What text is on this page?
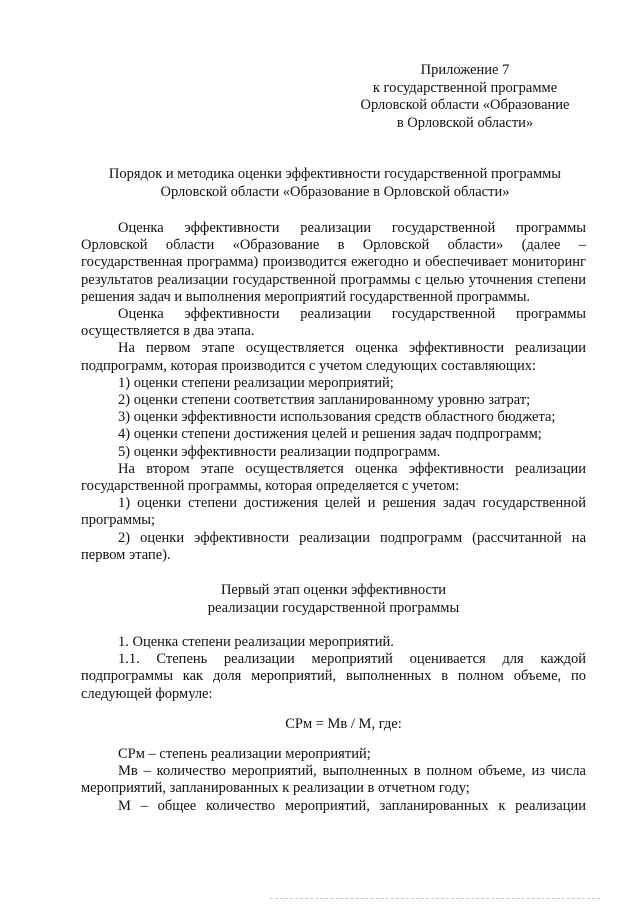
Приложение 7
к государственной программе
Орловской области «Образование
в Орловской области»
Порядок и методика оценки эффективности государственной программы
Орловской области «Образование в Орловской области»

Оценка эффективности реализации государственной программы Орловской области «Образование в Орловской области» (далее – государственная программа) производится ежегодно и обеспечивает мониторинг результатов реализации государственной программы с целью уточнения степени решения задач и выполнения мероприятий государственной программы.

Оценка эффективности реализации государственной программы осуществляется в два этапа.

На первом этапе осуществляется оценка эффективности реализации подпрограмм, которая производится с учетом следующих составляющих:

1) оценки степени реализации мероприятий;

2) оценки степени соответствия запланированному уровню затрат;

3) оценки эффективности использования средств областного бюджета;

4) оценки степени достижения целей и решения задач подпрограмм;

5) оценки эффективности реализации подпрограмм.

На втором этапе осуществляется оценка эффективности реализации государственной программы, которая определяется с учетом:

1) оценки степени достижения целей и решения задач государственной программы;

2) оценки эффективности реализации подпрограмм (рассчитанной на первом этапе).

Первый этап оценки эффективности

реализации государственной программы

1. Оценка степени реализации мероприятий.

1.1. Степень реализации мероприятий оценивается для каждой подпрограммы как доля мероприятий, выполненных в полном объеме, по следующей формуле:

СРм = Мв / М, где:

СРм – степень реализации мероприятий;

Мв – количество мероприятий, выполненных в полном объеме, из числа мероприятий, запланированных к реализации в отчетном году;

М – общее количество мероприятий, запланированных к реализации
